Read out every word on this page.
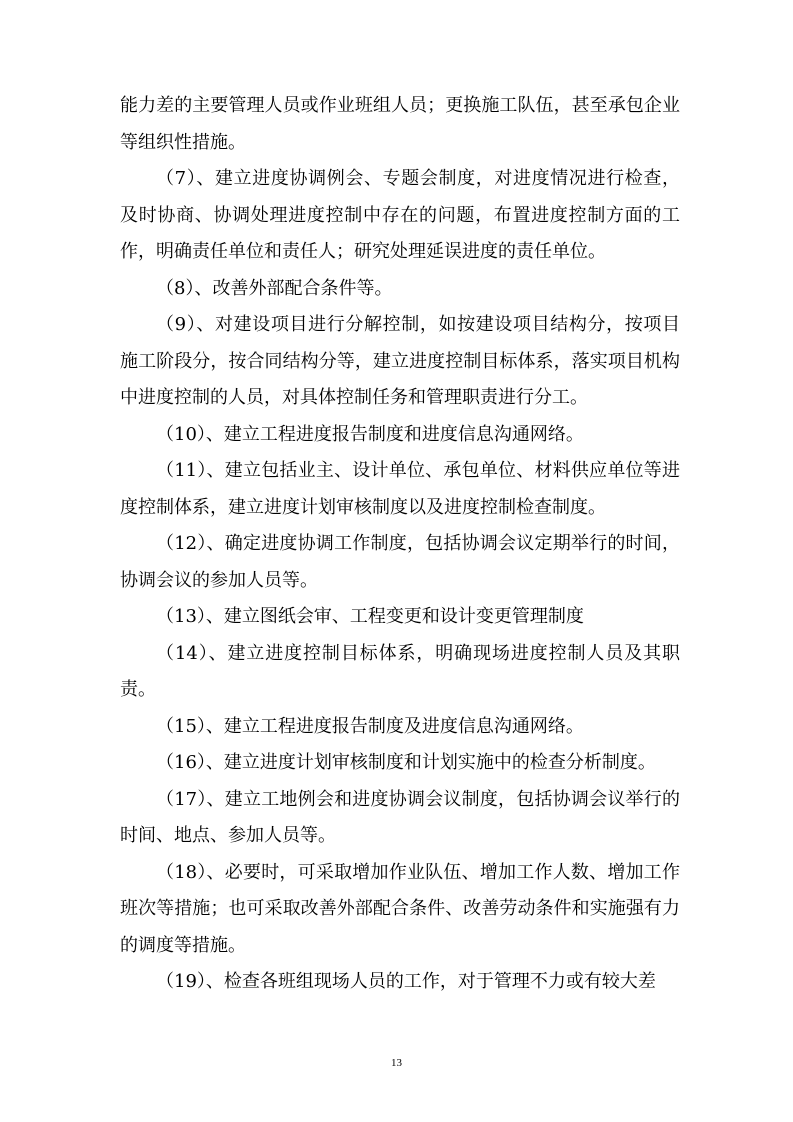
能力差的主要管理人员或作业班组人员；更换施工队伍，甚至承包企业等组织性措施。

（7）、建立进度协调例会、专题会制度，对进度情况进行检查，及时协商、协调处理进度控制中存在的问题，布置进度控制方面的工作，明确责任单位和责任人；研究处理延误进度的责任单位。

（8）、改善外部配合条件等。

（9）、对建设项目进行分解控制，如按建设项目结构分，按项目施工阶段分，按合同结构分等，建立进度控制目标体系，落实项目机构中进度控制的人员，对具体控制任务和管理职责进行分工。

（10）、建立工程进度报告制度和进度信息沟通网络。

（11）、建立包括业主、设计单位、承包单位、材料供应单位等进度控制体系，建立进度计划审核制度以及进度控制检查制度。

（12）、确定进度协调工作制度，包括协调会议定期举行的时间，协调会议的参加人员等。

（13）、建立图纸会审、工程变更和设计变更管理制度

（14）、建立进度控制目标体系，明确现场进度控制人员及其职责。

（15）、建立工程进度报告制度及进度信息沟通网络。

（16）、建立进度计划审核制度和计划实施中的检查分析制度。

（17）、建立工地例会和进度协调会议制度，包括协调会议举行的时间、地点、参加人员等。

（18）、必要时，可采取增加作业队伍、增加工作人数、增加工作班次等措施；也可采取改善外部配合条件、改善劳动条件和实施强有力的调度等措施。

（19）、检查各班组现场人员的工作，对于管理不力或有较大差

13
